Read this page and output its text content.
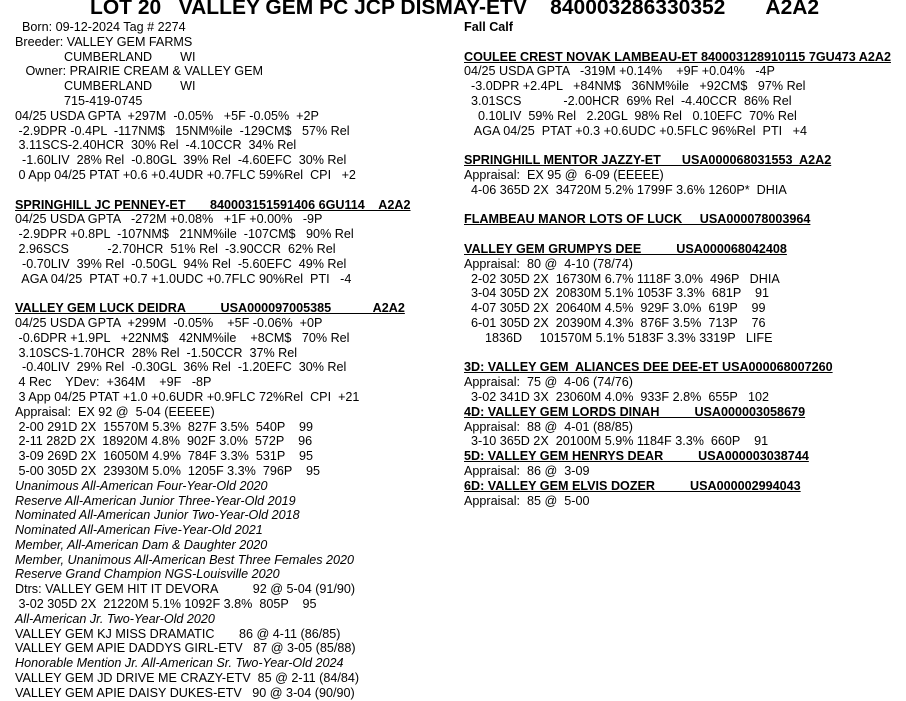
LOT 20   VALLEY GEM PC JCP DISMAY-ETV    840003286330352       A2A2
Born: 09-12-2024 Tag # 2274
Breeder: VALLEY GEM FARMS
CUMBERLAND        WI
Owner: PRAIRIE CREAM & VALLEY GEM
CUMBERLAND        WI
715-419-0745
04/25 USDA GPTA  +297M  -0.05%   +5F -0.05%  +2P
-2.9DPR -0.4PL  -117NM$   15NM%ile  -129CM$   57% Rel
3.11SCS-2.40HCR  30% Rel  -4.10CCR  34% Rel
-1.60LIV  28% Rel  -0.80GL  39% Rel  -4.60EFC  30% Rel
0 App 04/25 PTAT +0.6 +0.4UDR +0.7FLC 59%Rel  CPI   +2
SPRINGHILL JC PENNEY-ET       840003151591406 6GU114    A2A2
04/25 USDA GPTA   -272M +0.08%   +1F +0.00%   -9P
-2.9DPR +0.8PL  -107NM$   21NM%ile  -107CM$   90% Rel
2.96SCS           -2.70HCR  51% Rel  -3.90CCR  62% Rel
-0.70LIV  39% Rel  -0.50GL  94% Rel  -5.60EFC  49% Rel
AGA 04/25  PTAT +0.7 +1.0UDC +0.7FLC 90%Rel  PTI   -4
VALLEY GEM LUCK DEIDRA          USA000097005385            A2A2
04/25 USDA GPTA  +299M  -0.05%    +5F -0.06%  +0P
-0.6DPR +1.9PL   +22NM$   42NM%ile    +8CM$   70% Rel
3.10SCS-1.70HCR  28% Rel  -1.50CCR  37% Rel
-0.40LIV  29% Rel  -0.30GL  36% Rel  -1.20EFC  30% Rel
4 Rec    YDev:  +364M    +9F   -8P
3 App 04/25 PTAT +1.0 +0.6UDR +0.9FLC 72%Rel  CPI  +21
Appraisal:  EX 92 @  5-04 (EEEEE)
2-00 291D 2X  15570M 5.3%  827F 3.5%  540P    99
2-11 282D 2X  18920M 4.8%  902F 3.0%  572P    96
3-09 269D 2X  16050M 4.9%  784F 3.3%  531P    95
5-00 305D 2X  23930M 5.0%  1205F 3.3%  796P    95
Unanimous All-American Four-Year-Old 2020
Reserve All-American Junior Three-Year-Old 2019
Nominated All-American Junior Two-Year-Old 2018
Nominated All-American Five-Year-Old 2021
Member, All-American Dam & Daughter 2020
Member, Unanimous All-American Best Three Females 2020
Reserve Grand Champion NGS-Louisville 2020
Dtrs: VALLEY GEM HIT IT DEVORA          92 @ 5-04 (91/90)
3-02 305D 2X  21220M 5.1% 1092F 3.8%  805P    95
All-American Jr. Two-Year-Old 2020
VALLEY GEM KJ MISS DRAMATIC       86 @ 4-11 (86/85)
VALLEY GEM APIE DADDYS GIRL-ETV   87 @ 3-05 (85/88)
Honorable Mention Jr. All-American Sr. Two-Year-Old 2024
VALLEY GEM JD DRIVE ME CRAZY-ETV  85 @ 2-11 (84/84)
VALLEY GEM APIE DAISY DUKES-ETV   90 @ 3-04 (90/90)
Fall Calf
COULEE CREST NOVAK LAMBEAU-ET 840003128910115 7GU473 A2A2
04/25 USDA GPTA   -319M +0.14%    +9F +0.04%   -4P
-3.0DPR +2.4PL   +84NM$   36NM%ile   +92CM$   97% Rel
3.01SCS            -2.00HCR  69% Rel  -4.40CCR  86% Rel
0.10LIV  59% Rel   2.20GL  98% Rel   0.10EFC  70% Rel
AGA 04/25  PTAT +0.3 +0.6UDC +0.5FLC 96%Rel  PTI   +4
SPRINGHILL MENTOR JAZZY-ET      USA000068031553  A2A2
Appraisal:  EX 95 @  6-09 (EEEEE)
4-06 365D 2X  34720M 5.2% 1799F 3.6% 1260P*  DHIA
FLAMBEAU MANOR LOTS OF LUCK     USA000078003964
VALLEY GEM GRUMPYS DEE          USA000068042408
Appraisal:  80 @  4-10 (78/74)
2-02 305D 2X  16730M 6.7% 1118F 3.0%  496P   DHIA
3-04 305D 2X  20830M 5.1% 1053F 3.3%  681P    91
4-07 305D 2X  20640M 4.5%  929F 3.0%  619P    99
6-01 305D 2X  20390M 4.3%  876F 3.5%  713P    76
1836D     101570M 5.1% 5183F 3.3% 3319P   LIFE
3D: VALLEY GEM  ALIANCES DEE DEE-ET USA000068007260
Appraisal:  75 @  4-06 (74/76)
3-02 341D 3X  23060M 4.0%  933F 2.8%  655P   102
4D: VALLEY GEM LORDS DINAH          USA000003058679
Appraisal:  88 @  4-01 (88/85)
3-10 365D 2X  20100M 5.9% 1184F 3.3%  660P    91
5D: VALLEY GEM HENRYS DEAR          USA000003038744
Appraisal:  86 @  3-09
6D: VALLEY GEM ELVIS DOZER          USA000002994043
Appraisal:  85 @  5-00
